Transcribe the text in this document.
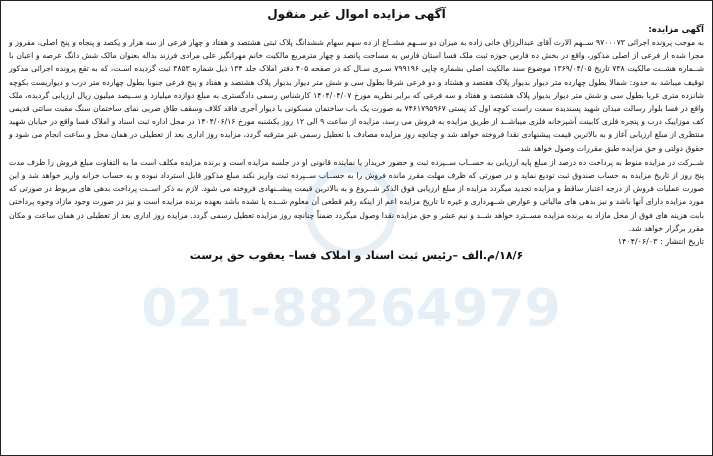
021-88264979
آگهی مزایده اموال غیر منقول
آگهی مزایده:

به موجب پرونده اجرائی ۹۷۰۰۰۷۳ ســهم الارث آقای عبدالرزاق خانی زاده به میزان دو ســهم مشــاع از ده سهم سهام ششدانگ پلاک ثبتی هشتصد و هفتاد و چهار فرعی از سه هزار و یکصد و پنجاه و پنج اصلی، مفروز و مجزا شده از فرعی از اصلی مذکور، واقع در بخش ده فارس حوزه ثبت ملک فسا استان فارس به مساحت پانصد و چهار مترمربع مالکیت خانم مهرانگیز علی مرادی فرزند بداله بعنوان مالک شش دانگ عرصه و اعیان با شــماره هشــت مالکیت ۷۳۸ تاریخ ۱۳۶۹/۰۴/۰۵ موضوع سند مالکیت اصلی بشماره چاپی ۷۹۹۱۹۶ سـری سـال که در صفحه ۴۰۵ دفتر املاک جلد ۱۳۴ ذیل شماره ۳۸۵۳ ثبت گردیده اسـت، که به تقع پرونده اجرائی مذکور توقیف میباشد به حدود: شمالا بطول چهارده متر دیوار بدیوار پلاک هفتصد و هشتاد و دو فرعی شرقا بطول سی و شش متر دیوار بدیوار پلاک هشتصد و هفتاد و پنج فرعی جنوبا بطول چهارده متر درب و دیواریست بکوچه شانزده متری غربا بطول سی و شش متر دیوار بدیوار پلاک هشتصد و هفتاد و سه فرعی که برابر نظریه مورخ ۱۴۰۴/۰۴/۰۷ کارشناس رسمی دادگستری به مبلغ دوازده میلیارد و ســیصد میلیون ریال ارزیابی گردیده، ملک واقع در فسا بلوار رسالت میدان شهید پسندیده سمت راست کوچه اول کد پستی ۷۴۶۱۷۹۵۹۶۷ به صورت یک باب ساختمان مسکونی با دیوار آجری فاقد کلاف وسقف طاق ضربی نمای ساختمان سنگ مقبت ساتتی قدیمی کف موزاییک درب و پنجره فلزی کابینت آشپزخانه فلزی میباشــد از طریق مزایده به فروش می رسد، مزایده از ساعت ۹ الی ۱۲ روز یکشنبه مورخ ۱۴۰۴/۰۶/۱۶ در محل اداره ثبت اسناد و املاک فسا واقع در خیابان شهید منتظری از مبلغ ارزیابی آغاز و به بالاترین قیمت پیشنهادی نقدا فروخته خواهد شد و چنانچه روز مزایده مصادف با تعطیل رسمی غیر مترقبه گردد، مزایده روز اداری بعد از تعطیلی در همان محل و ساعت انجام می شود و حقوق دولتی و حق مزایده طبق مقررات وصول خواهد شد.

شــرکت در مزایده منوط به پرداخت ده درصد از مبلغ پایه ارزیابی به حســاب ســپرده ثبت و حضور خریدار یا نماینده قانونی او در جلسه مزایده است و برنده مزایده مکلف است ما به التفاوت مبلغ فروش را ظرف مدت پنج روز از تاریخ مزایده به حساب صندوق ثبت تودیع نماید و در صورتی که ظرف مهلت مقرر مانده فروش را به حســاب ســپرده ثبت واریز نکند مبلغ مذکور قابل استرداد نبوده و به حساب خزانه واریز خواهد شد و این صورت عملیات فروش از درجه اعتبار ساقط و مزایده تجدید میگردد مزایده از مبلغ ارزیابی فوق الذکر شــروع و به بالاترین قیمت پیشــنهادی فروخته می شود. لازم به ذکر اســت پرداخت بدهی های مربوط در صورتی که مورد مزایده دارای آنها باشد و نیز بدهی های مالیاتی و عوارض شــهرداری و غیره تا تاریخ مزایده اعم از اینکه رقم قطعی آن معلوم شــده یا نشده باشد بعهده برنده مزایده است و نیز در صورت وجود مازاد وجوه پرداختی بابت هزینه های فوق از محل مازاد به برنده مزایده مســترد خواهد شــد و نیم عشر و حق مزایده نقدا وصول میگردد ضمناً چنانچه روز مزایده تعطیل رسمی گردد. مزایده روز اداری بعد از تعطیلی در همان ساعت و مکان مقرر برگزار خواهد شد.

تاریخ انتشار : ۱۴۰۴/۰۶/۰۳
۱۸/۶/م.الف –رئیس ثبت اسناد و املاک فسا– یعقوب حق پرست
